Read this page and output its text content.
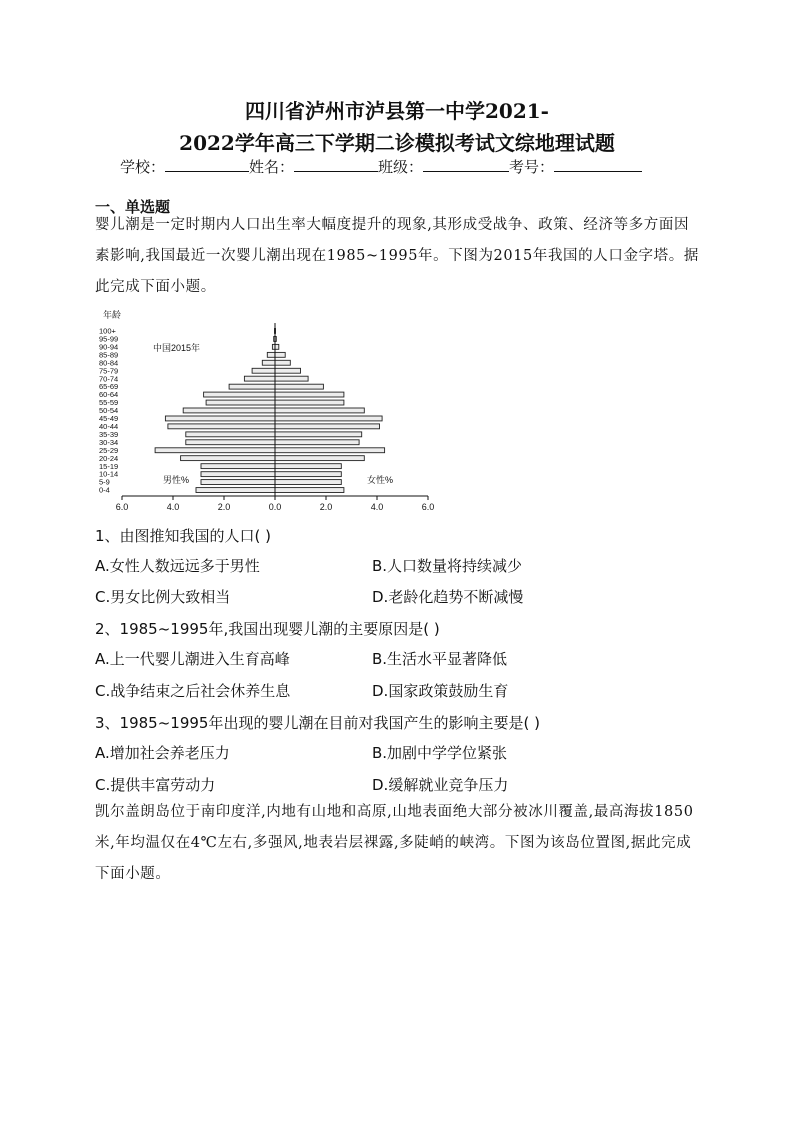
四川省泸州市泸县第一中学2021-
2022学年高三下学期二诊模拟考试文综地理试题
学校：	姓名：	班级：	考号：
一、单选题
婴儿潮是一定时期内人口出生率大幅度提升的现象,其形成受战争、政策、经济等多方面因素影响,我国最近一次婴儿潮出现在1985~1995年。下图为2015年我国的人口金字塔。据此完成下面小题。
年龄
中国2015年
男性%	女性%
0-4
5-9
10-14
15-19
20-24
25-29
30-34
35-39
40-44
45-49
50-54
55-59
60-64
65-69
70-74
75-79
80-84
85-89
90-94
95-99
100+
6.0	4.0	2.0	0.0	2.0	4.0	6.0
1、由图推知我国的人口( )
A.女性人数远远多于男性	B.人口数量将持续减少
C.男女比例大致相当	D.老龄化趋势不断减慢
2、1985~1995年,我国出现婴儿潮的主要原因是( )
A.上一代婴儿潮进入生育高峰	B.生活水平显著降低
C.战争结束之后社会休养生息	D.国家政策鼓励生育
3、1985~1995年出现的婴儿潮在目前对我国产生的影响主要是( )
A.增加社会养老压力	B.加剧中学学位紧张
C.提供丰富劳动力	D.缓解就业竞争压力
凯尔盖朗岛位于南印度洋,内地有山地和高原,山地表面绝大部分被冰川覆盖,最高海拔1850米,年均温仅在4℃左右,多强风,地表岩层裸露,多陡峭的峡湾。下图为该岛位置图,据此完成下面小题。
